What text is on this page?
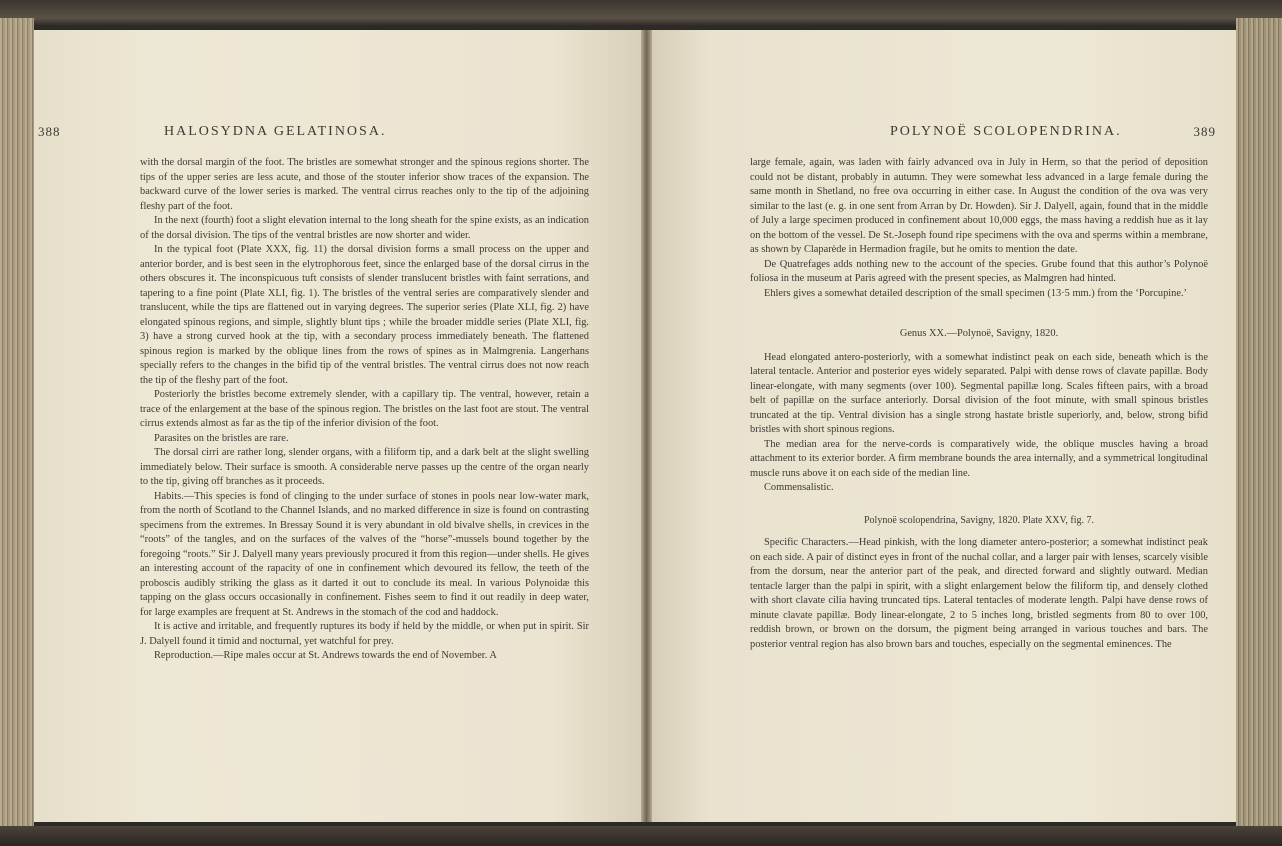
388	HALOSYDNA GELATINOSA.

with the dorsal margin of the foot. The bristles are somewhat stronger and the spinous regions shorter. The tips of the upper series are less acute, and those of the stouter inferior show traces of the expansion. The backward curve of the lower series is marked. The ventral cirrus reaches only to the tip of the adjoining fleshy part of the foot.

In the next (fourth) foot a slight elevation internal to the long sheath for the spine exists, as an indication of the dorsal division. The tips of the ventral bristles are now shorter and wider.

In the typical foot (Plate XXX, fig. 11) the dorsal division forms a small process on the upper and anterior border, and is best seen in the elytrophorous feet, since the enlarged base of the dorsal cirrus in the others obscures it. The inconspicuous tuft consists of slender translucent bristles with faint serrations, and tapering to a fine point (Plate XLI, fig. 1). The bristles of the ventral series are comparatively slender and translucent, while the tips are flattened out in varying degrees. The superior series (Plate XLI, fig. 2) have elongated spinous regions, and simple, slightly blunt tips ; while the broader middle series (Plate XLI, fig. 3) have a strong curved hook at the tip, with a secondary process immediately beneath. The flattened spinous region is marked by the oblique lines from the rows of spines as in Malmgrenia. Langerhans specially refers to the changes in the bifid tip of the ventral bristles. The ventral cirrus does not now reach the tip of the fleshy part of the foot.

Posteriorly the bristles become extremely slender, with a capillary tip. The ventral, however, retain a trace of the enlargement at the base of the spinous region. The bristles on the last foot are stout. The ventral cirrus extends almost as far as the tip of the inferior division of the foot.

Parasites on the bristles are rare.

The dorsal cirri are rather long, slender organs, with a filiform tip, and a dark belt at the slight swelling immediately below. Their surface is smooth. A considerable nerve passes up the centre of the organ nearly to the tip, giving off branches as it proceeds.

Habits.—This species is fond of clinging to the under surface of stones in pools near low-water mark, from the north of Scotland to the Channel Islands, and no marked difference in size is found on contrasting specimens from the extremes. In Bressay Sound it is very abundant in old bivalve shells, in crevices in the “roots” of the tangles, and on the surfaces of the valves of the “horse”-mussels bound together by the foregoing “roots.” Sir J. Dalyell many years previously procured it from this region—under shells. He gives an interesting account of the rapacity of one in confinement which devoured its fellow, the teeth of the proboscis audibly striking the glass as it darted it out to conclude its meal. In various Polynoidæ this tapping on the glass occurs occasionally in confinement. Fishes seem to find it out readily in deep water, for large examples are frequent at St. Andrews in the stomach of the cod and haddock.

It is active and irritable, and frequently ruptures its body if held by the middle, or when put in spirit. Sir J. Dalyell found it timid and nocturnal, yet watchful for prey.

Reproduction.—Ripe males occur at St. Andrews towards the end of November. A

POLYNOË SCOLOPENDRINA.	389

large female, again, was laden with fairly advanced ova in July in Herm, so that the period of deposition could not be distant, probably in autumn. They were somewhat less advanced in a large female during the same month in Shetland, no free ova occurring in either case. In August the condition of the ova was very similar to the last (e. g. in one sent from Arran by Dr. Howden). Sir J. Dalyell, again, found that in the middle of July a large specimen produced in confinement about 10,000 eggs, the mass having a reddish hue as it lay on the bottom of the vessel. De St.-Joseph found ripe specimens with the ova and sperms within a membrane, as shown by Claparède in Hermadion fragile, but he omits to mention the date.

De Quatrefages adds nothing new to the account of the species. Grube found that this author’s Polynoë foliosa in the museum at Paris agreed with the present species, as Malmgren had hinted.

Ehlers gives a somewhat detailed description of the small specimen (13·5 mm.) from the ‘Porcupine.’

Genus XX.—Polynoë, Savigny, 1820.

Head elongated antero-posteriorly, with a somewhat indistinct peak on each side, beneath which is the lateral tentacle. Anterior and posterior eyes widely separated. Palpi with dense rows of clavate papillæ. Body linear-elongate, with many segments (over 100). Segmental papillæ long. Scales fifteen pairs, with a broad belt of papillæ on the surface anteriorly. Dorsal division of the foot minute, with small spinous bristles truncated at the tip. Ventral division has a single strong hastate bristle superiorly, and, below, strong bifid bristles with short spinous regions.

The median area for the nerve-cords is comparatively wide, the oblique muscles having a broad attachment to its exterior border. A firm membrane bounds the area internally, and a symmetrical longitudinal muscle runs above it on each side of the median line.

Commensalistic.

Polynoë scolopendrina, Savigny, 1820. Plate XXV, fig. 7.

Specific Characters.—Head pinkish, with the long diameter antero-posterior; a somewhat indistinct peak on each side. A pair of distinct eyes in front of the nuchal collar, and a larger pair with lenses, scarcely visible from the dorsum, near the anterior part of the peak, and directed forward and slightly outward. Median tentacle larger than the palpi in spirit, with a slight enlargement below the filiform tip, and densely clothed with short clavate cilia having truncated tips. Lateral tentacles of moderate length. Palpi have dense rows of minute clavate papillæ. Body linear-elongate, 2 to 5 inches long, bristled segments from 80 to over 100, reddish brown, or brown on the dorsum, the pigment being arranged in various touches and bars. The posterior ventral region has also brown bars and touches, especially on the segmental eminences. The
